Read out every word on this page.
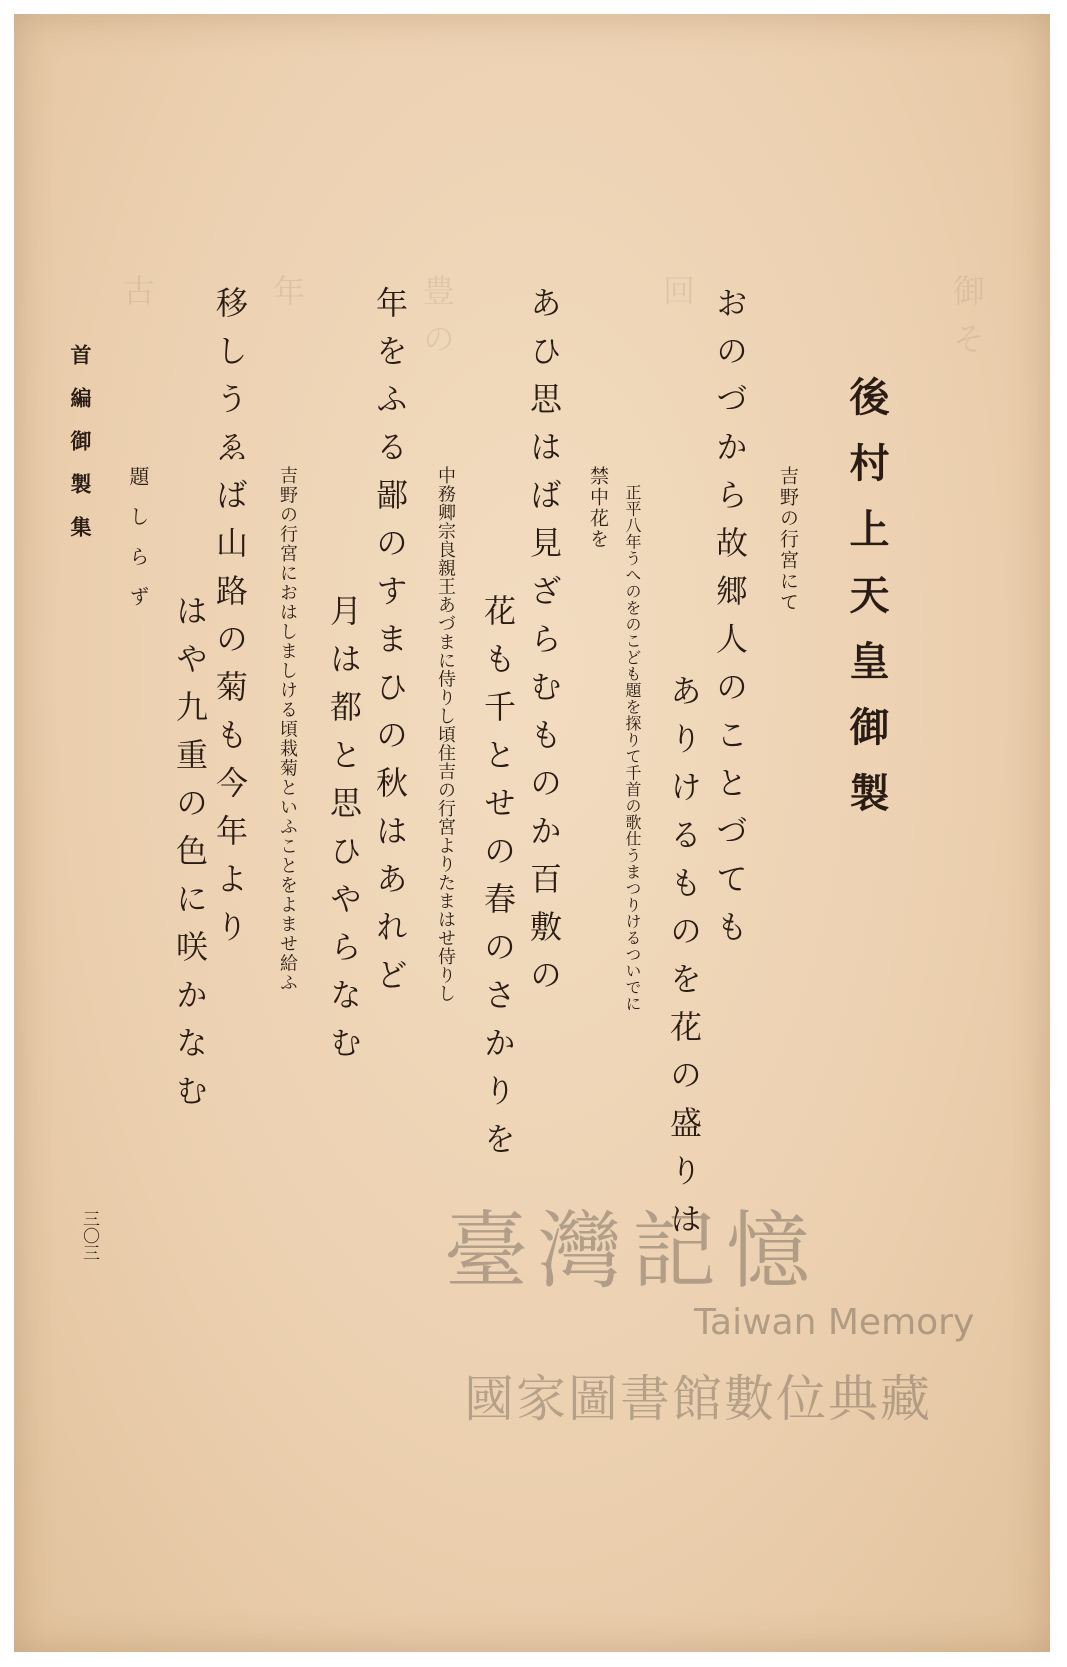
御そ
回
豊の
年
古
後村上天皇御製
吉野の行宮にて
おのづから故郷人のことづても
ありけるものを花の盛りは
正平八年うへのをのこども題を探りて千首の歌仕うまつりけるついでに
禁中花を
あひ思はば見ざらむものか百敷の
花も千とせの春のさかりを
中務卿宗良親王あづまに侍りし頃住吉の行宮よりたまはせ侍りし
年をふる鄙のすまひの秋はあれど
月は都と思ひやらなむ
吉野の行宮におはしましける頃栽菊といふことをよませ給ふ
移しうゑば山路の菊も今年より
はや九重の色に咲かなむ
題しらず
首編御製集
三〇三	臺灣記憶
Taiwan Memory
國家圖書館數位典藏
